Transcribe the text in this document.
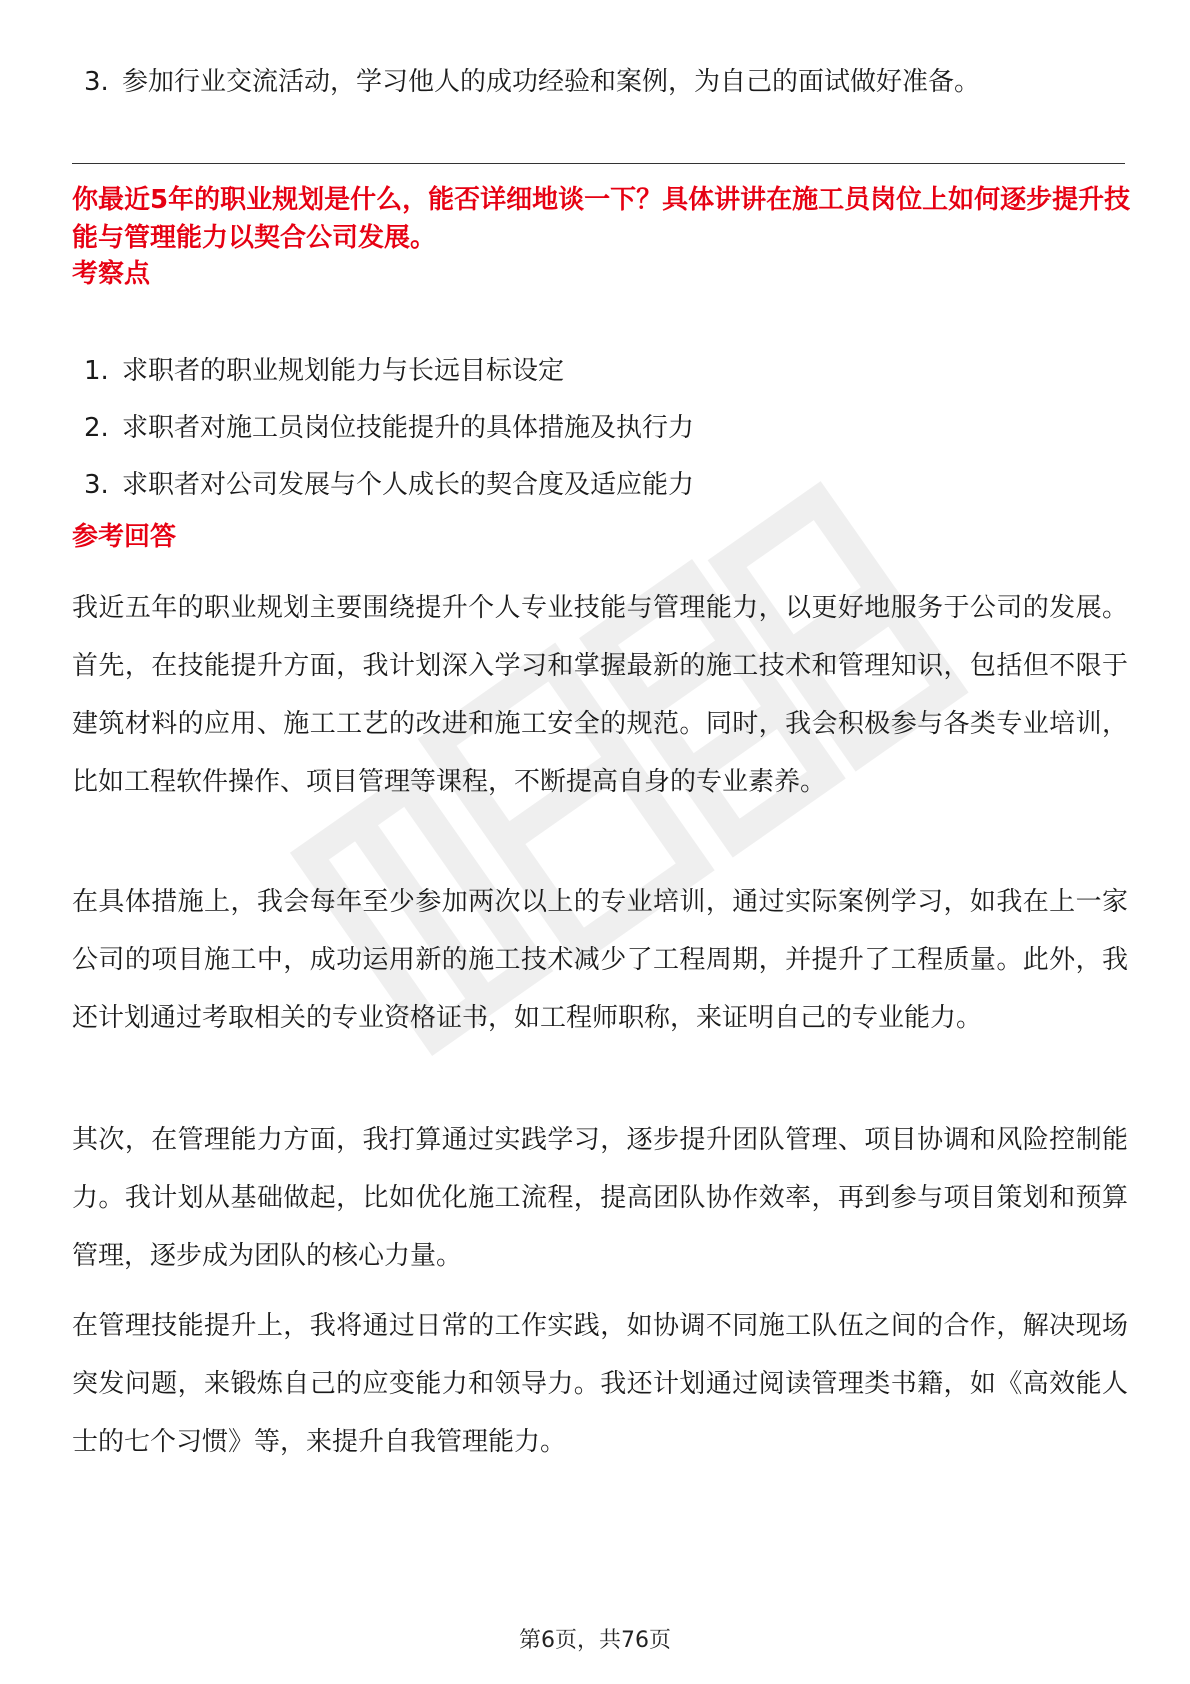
3. 参加行业交流活动，学习他人的成功经验和案例，为自己的面试做好准备。
你最近5年的职业规划是什么，能否详细地谈一下？具体讲讲在施工员岗位上如何逐步提升技能与管理能力以契合公司发展。
考察点
1. 求职者的职业规划能力与长远目标设定
2. 求职者对施工员岗位技能提升的具体措施及执行力
3. 求职者对公司发展与个人成长的契合度及适应能力
参考回答

我近五年的职业规划主要围绕提升个人专业技能与管理能力，以更好地服务于公司的发展。首先，在技能提升方面，我计划深入学习和掌握最新的施工技术和管理知识，包括但不限于建筑材料的应用、施工工艺的改进和施工安全的规范。同时，我会积极参与各类专业培训，比如工程软件操作、项目管理等课程，不断提高自身的专业素养。

在具体措施上，我会每年至少参加两次以上的专业培训，通过实际案例学习，如我在上一家公司的项目施工中，成功运用新的施工技术减少了工程周期，并提升了工程质量。此外，我还计划通过考取相关的专业资格证书，如工程师职称，来证明自己的专业能力。

其次，在管理能力方面，我打算通过实践学习，逐步提升团队管理、项目协调和风险控制能力。我计划从基础做起，比如优化施工流程，提高团队协作效率，再到参与项目策划和预算管理，逐步成为团队的核心力量。

在管理技能提升上，我将通过日常的工作实践，如协调不同施工队伍之间的合作，解决现场突发问题，来锻炼自己的应变能力和领导力。我还计划通过阅读管理类书籍，如《高效能人士的七个习惯》等，来提升自我管理能力。

第6页，共76页
